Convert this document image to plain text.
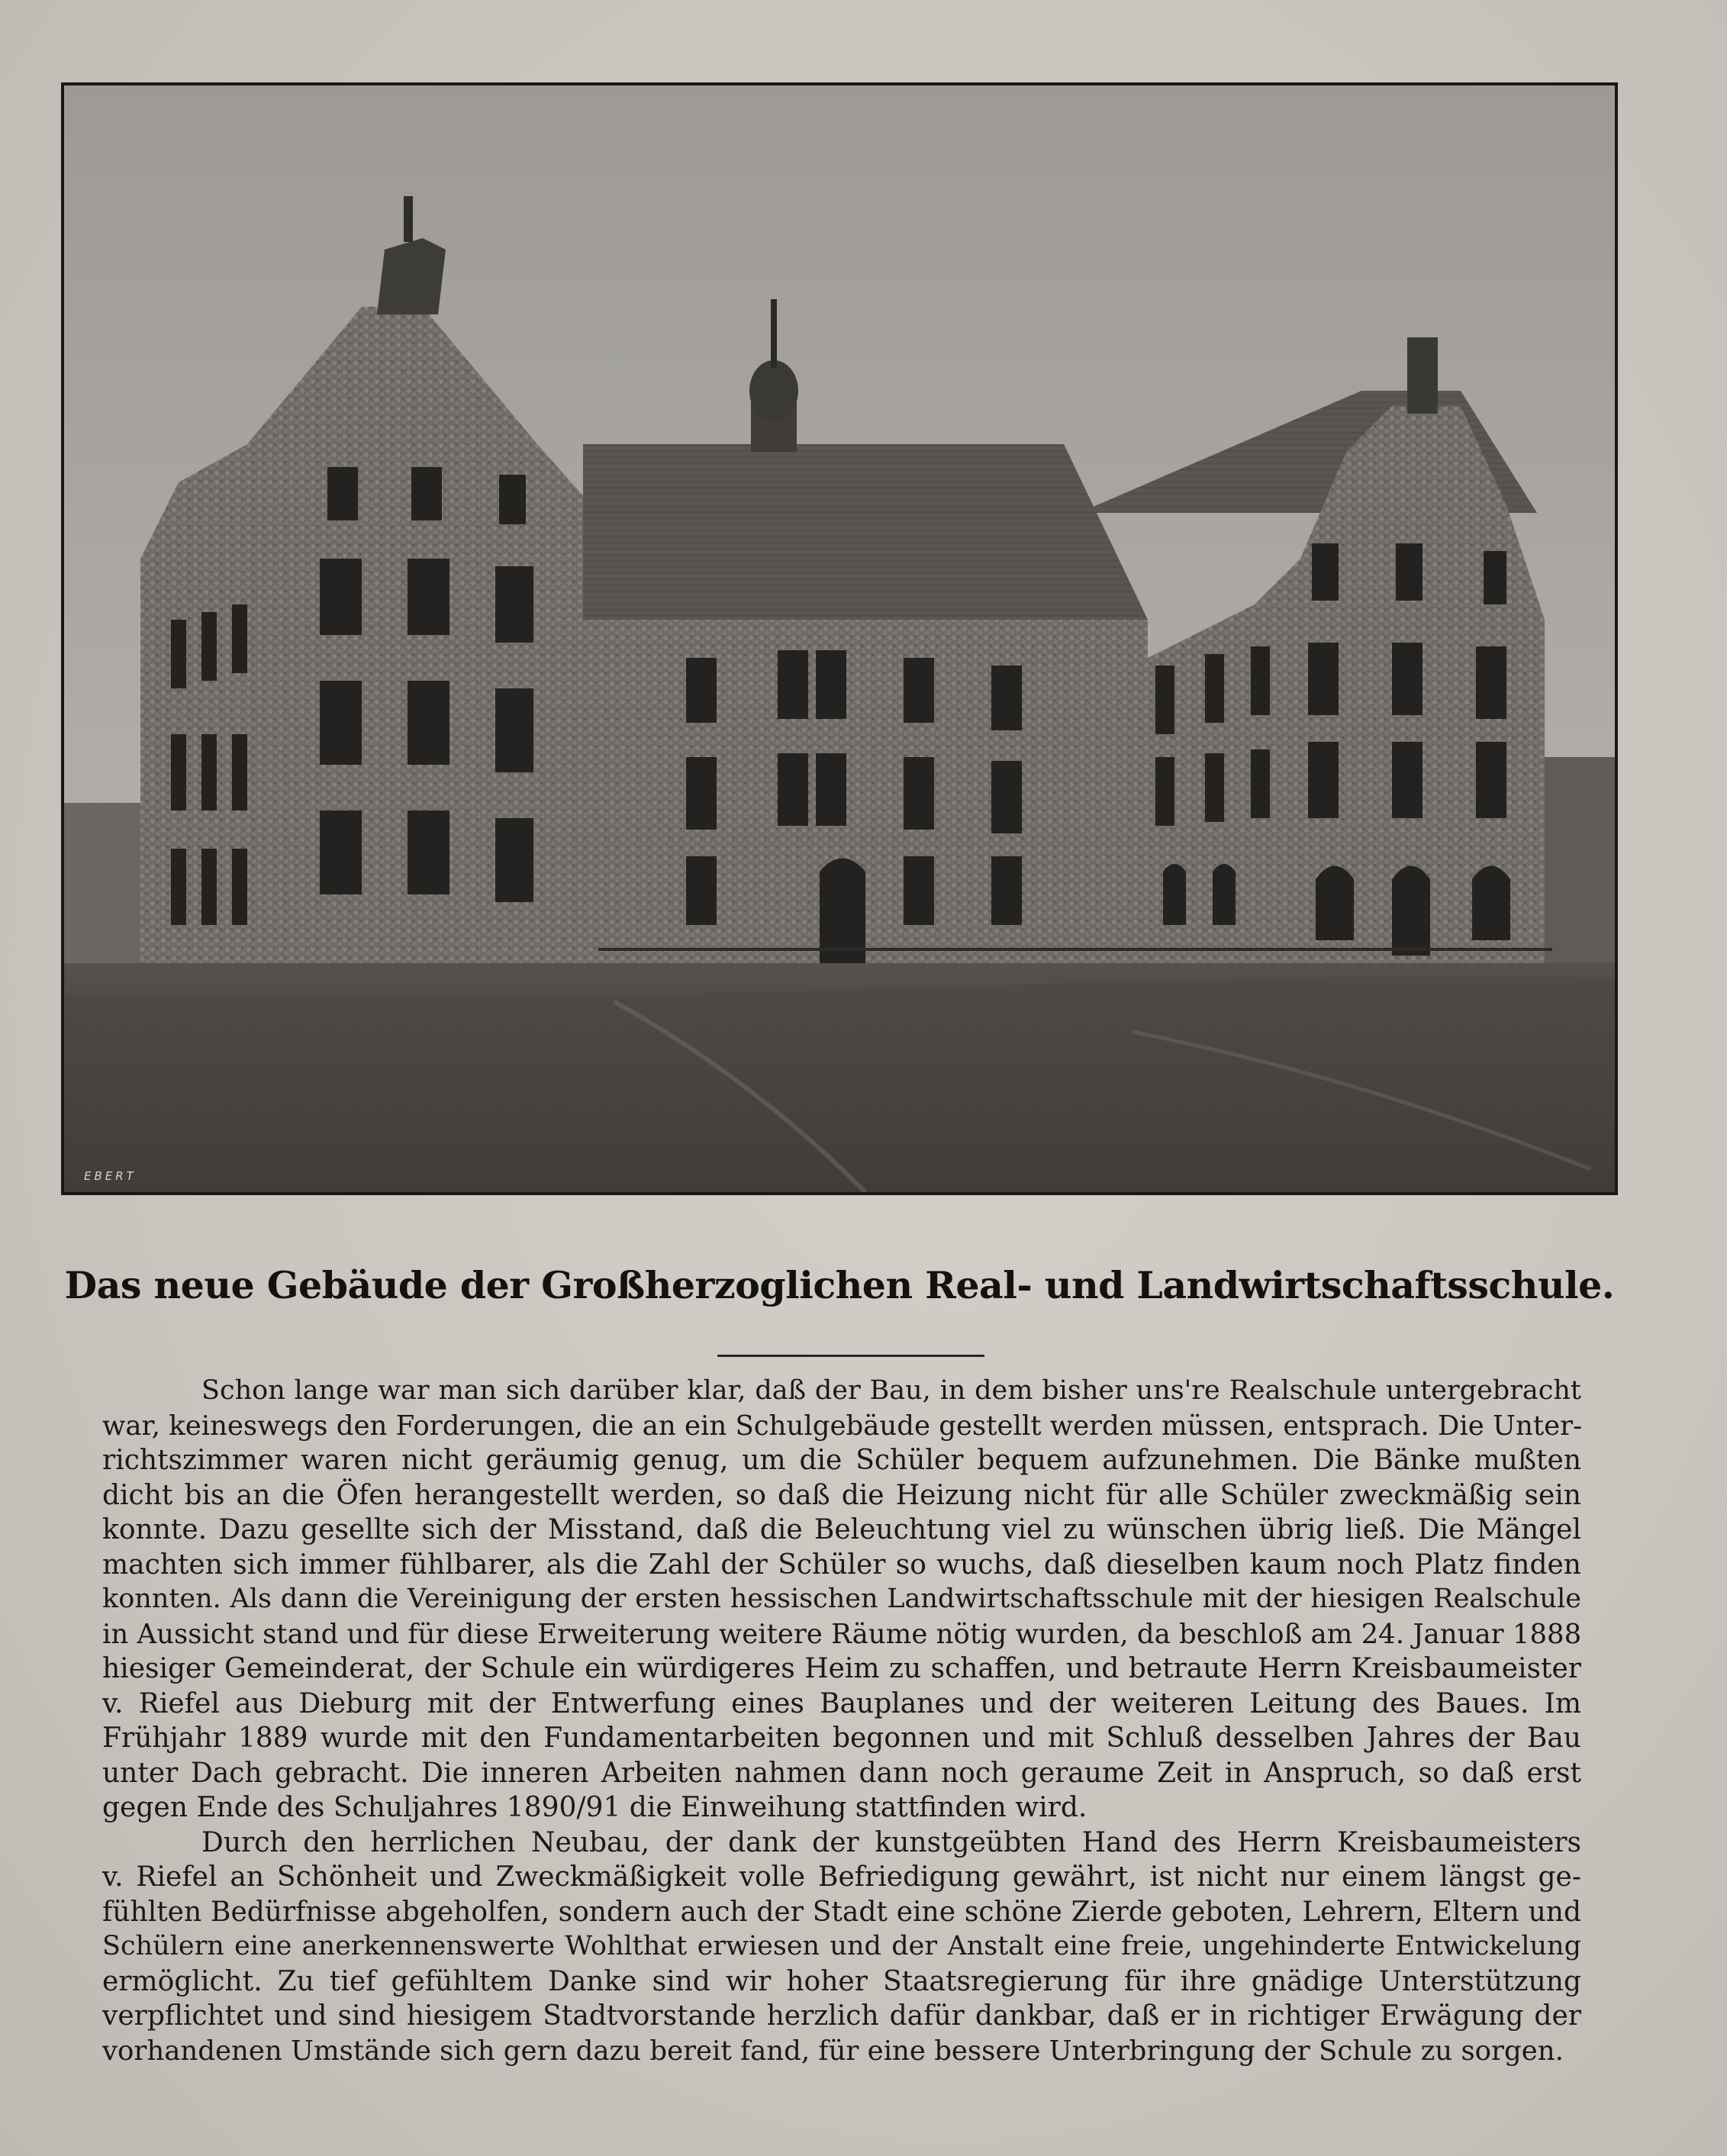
EBERT
Das neue Gebäude der Großherzoglichen Real- und Landwirtschaftsschule.

Schon lange war man sich darüber klar, daß der Bau, in dem bisher uns're Realschule untergebracht
war, keineswegs den Forderungen, die an ein Schulgebäude gestellt werden müssen, entsprach. Die Unter-
richtszimmer waren nicht geräumig genug, um die Schüler bequem aufzunehmen. Die Bänke mußten
dicht bis an die Öfen herangestellt werden, so daß die Heizung nicht für alle Schüler zweckmäßig sein
konnte. Dazu gesellte sich der Misstand, daß die Beleuchtung viel zu wünschen übrig ließ. Die Mängel
machten sich immer fühlbarer, als die Zahl der Schüler so wuchs, daß dieselben kaum noch Platz finden
konnten. Als dann die Vereinigung der ersten hessischen Landwirtschaftsschule mit der hiesigen Realschule
in Aussicht stand und für diese Erweiterung weitere Räume nötig wurden, da beschloß am 24. Januar 1888
hiesiger Gemeinderat, der Schule ein würdigeres Heim zu schaffen, und betraute Herrn Kreisbaumeister
v. Riefel aus Dieburg mit der Entwerfung eines Bauplanes und der weiteren Leitung des Baues. Im
Frühjahr 1889 wurde mit den Fundamentarbeiten begonnen und mit Schluß desselben Jahres der Bau
unter Dach gebracht. Die inneren Arbeiten nahmen dann noch geraume Zeit in Anspruch, so daß erst
gegen Ende des Schuljahres 1890/91 die Einweihung stattfinden wird.

Durch den herrlichen Neubau, der dank der kunstgeübten Hand des Herrn Kreisbaumeisters
v. Riefel an Schönheit und Zweckmäßigkeit volle Befriedigung gewährt, ist nicht nur einem längst ge-
fühlten Bedürfnisse abgeholfen, sondern auch der Stadt eine schöne Zierde geboten, Lehrern, Eltern und
Schülern eine anerkennenswerte Wohlthat erwiesen und der Anstalt eine freie, ungehinderte Entwickelung
ermöglicht. Zu tief gefühltem Danke sind wir hoher Staatsregierung für ihre gnädige Unterstützung
verpflichtet und sind hiesigem Stadtvorstande herzlich dafür dankbar, daß er in richtiger Erwägung der
vorhandenen Umstände sich gern dazu bereit fand, für eine bessere Unterbringung der Schule zu sorgen.
